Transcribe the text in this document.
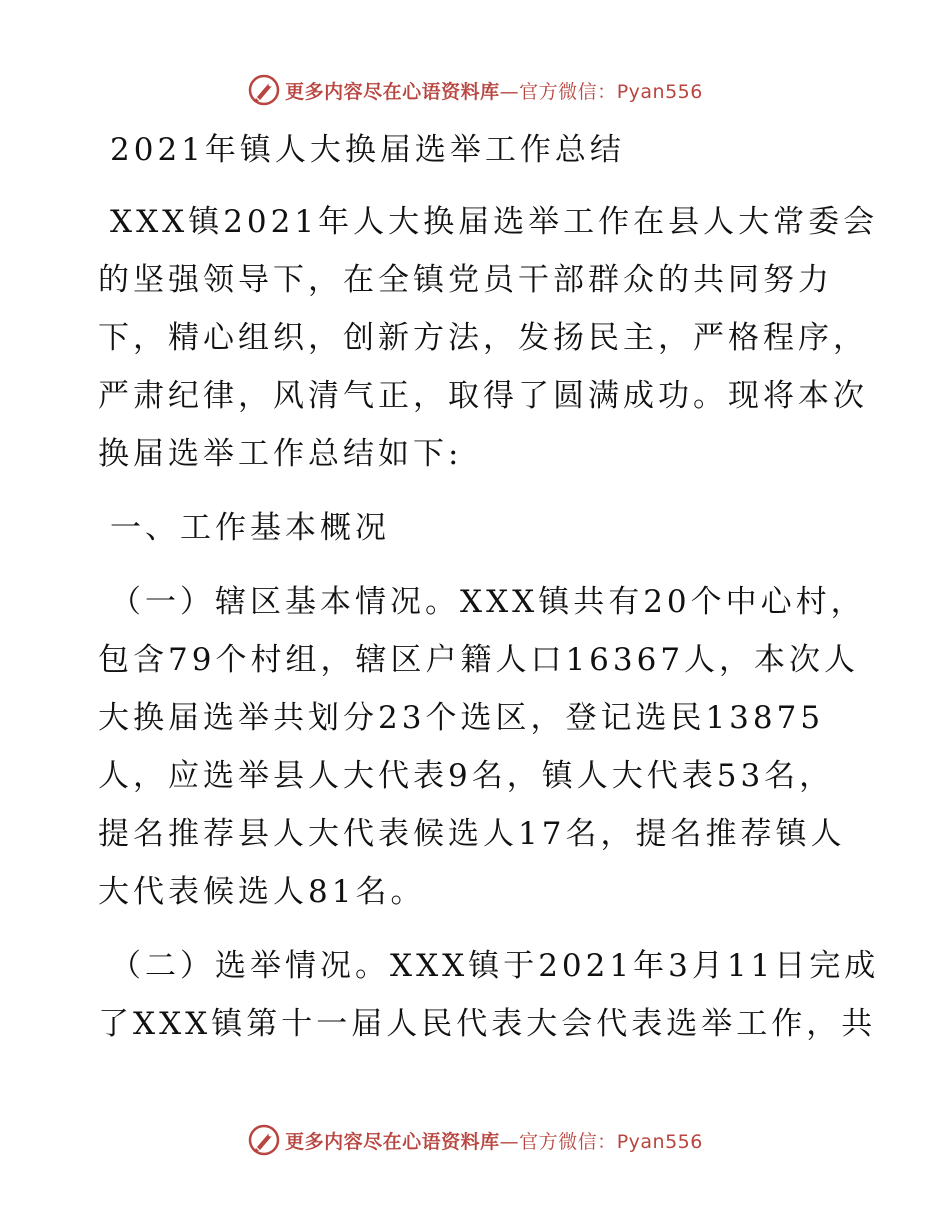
更多内容尽在心语资料库—官方微信：Pyan556
2021年镇人大换届选举工作总结
XXX镇2021年人大换届选举工作在县人大常委会
的坚强领导下，在全镇党员干部群众的共同努力
下，精心组织，创新方法，发扬民主，严格程序，
严肃纪律，风清气正，取得了圆满成功。现将本次
换届选举工作总结如下:
一、工作基本概况
（一）辖区基本情况。XXX镇共有20个中心村，
包含79个村组，辖区户籍人口16367人，本次人
大换届选举共划分23个选区，登记选民13875
人，应选举县人大代表9名，镇人大代表53名，
提名推荐县人大代表候选人17名，提名推荐镇人
大代表候选人81名。
（二）选举情况。XXX镇于2021年3月11日完成
了XXX镇第十一届人民代表大会代表选举工作，共
更多内容尽在心语资料库—官方微信：Pyan556
